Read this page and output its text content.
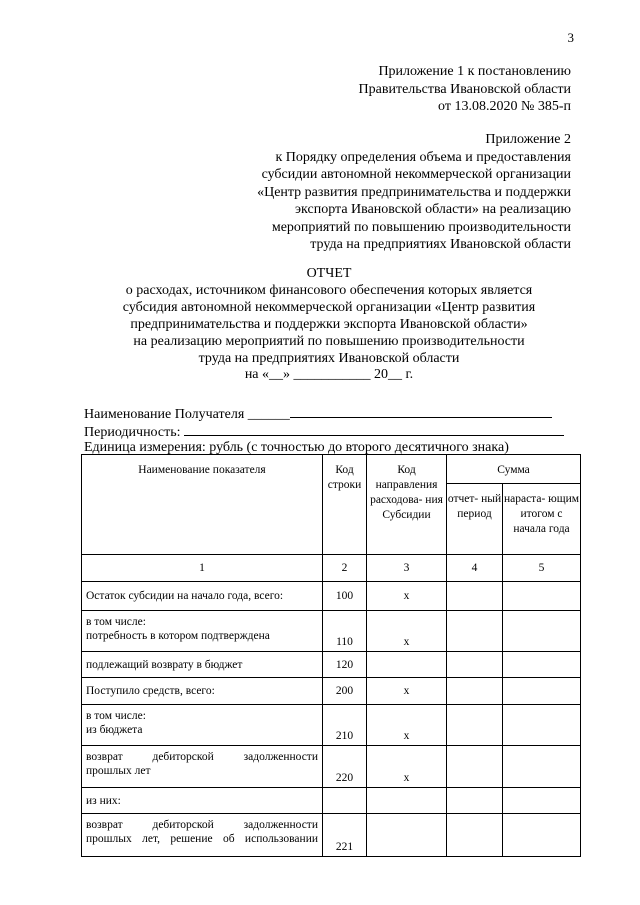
3
Приложение 1 к постановлению
Правительства Ивановской области
от 13.08.2020 № 385-п
Приложение 2
к Порядку определения объема и предоставления
субсидии автономной некоммерческой организации
«Центр развития предпринимательства и поддержки
экспорта Ивановской области» на реализацию
мероприятий по повышению производительности
труда на предприятиях Ивановской области
ОТЧЕТ
о расходах, источником финансового обеспечения которых является
субсидия автономной некоммерческой организации «Центр развития
предпринимательства и поддержки экспорта Ивановской области»
на реализацию мероприятий по повышению производительности
труда на предприятиях Ивановской области
на «__» ___________ 20__ г.
Наименование Получателя ______
Периодичность:
Единица измерения: рубль (с точностью до второго десятичного знака)
Наименование показателя	Код строки	Код направления расходова- ния Субсидии	Сумма	
			отчет- ный период	нараста- ющим итогом с начала года
1	2	3	4	5
Остаток субсидии на начало года, всего:	100	x		

в том числе:
потребность в котором подтверждена	110	x		
подлежащий возврату в бюджет	120			
Поступило средств, всего:	200	x		

в том числе:
из бюджета	210	x		

возврат дебиторской задолженности
прошлых лет	220	x		
из них:				

возврат дебиторской задолженности
прошлых лет, решение об использовании	221			
